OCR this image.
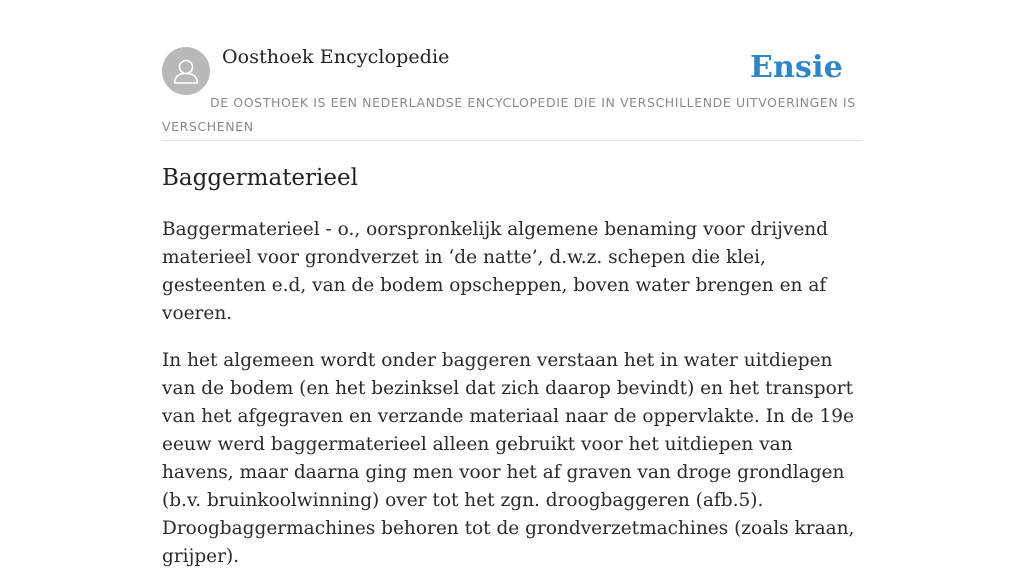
Oosthoek Encyclopedie	Ensie
DE OOSTHOEK IS EEN NEDERLANDSE ENCYCLOPEDIE DIE IN VERSCHILLENDE UITVOERINGEN IS VERSCHENEN
Baggermaterieel

Baggermaterieel - o., oorspronkelijk algemene benaming voor drijvend materieel voor grondverzet in ‘de natte’, d.w.z. schepen die klei, gesteenten e.d, van de bodem opscheppen, boven water brengen en af voeren.

In het algemeen wordt onder baggeren verstaan het in water uitdiepen van de bodem (en het bezinksel dat zich daarop bevindt) en het transport van het afgegraven en verzande materiaal naar de oppervlakte. In de 19e eeuw werd baggermaterieel alleen gebruikt voor het uitdiepen van havens, maar daarna ging men voor het af graven van droge grondlagen (b.v. bruinkoolwinning) over tot het zgn. droogbaggeren (afb.5). Droogbaggermachines behoren tot de grondverzetmachines (zoals kraan, grijper).
